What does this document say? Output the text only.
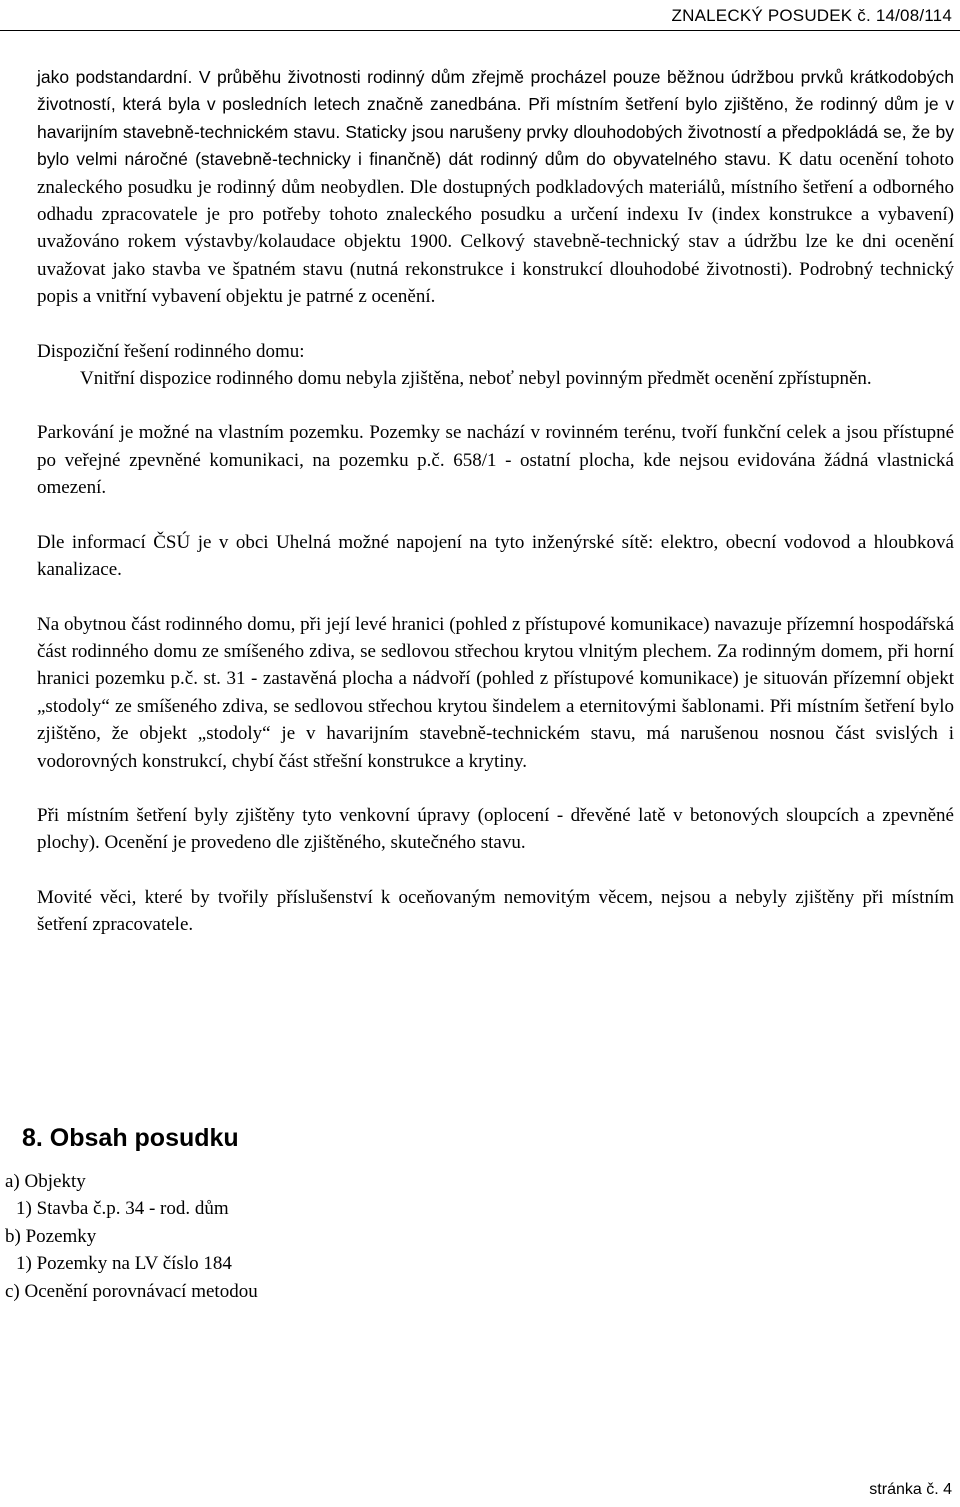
ZNALECKÝ POSUDEK č. 14/08/114

jako podstandardní. V průběhu životnosti rodinný dům zřejmě procházel pouze běžnou údržbou prvků krátkodobých životností, která byla v posledních letech značně zanedbána. Při místním šetření bylo zjištěno, že rodinný dům je v havarijním stavebně-technickém stavu. Staticky jsou narušeny prvky dlouhodobých životností a předpokládá se, že by bylo velmi náročné (stavebně-technicky i finančně) dát rodinný dům do obyvatelného stavu. K datu ocenění tohoto znaleckého posudku je rodinný dům neobydlen. Dle dostupných podkladových materiálů, místního šetření a odborného odhadu zpracovatele je pro potřeby tohoto znaleckého posudku a určení indexu Iv (index konstrukce a vybavení) uvažováno rokem výstavby/kolaudace objektu 1900. Celkový stavebně-technický stav a údržbu lze ke dni ocenění uvažovat jako stavba ve špatném stavu (nutná rekonstrukce i konstrukcí dlouhodobé životnosti). Podrobný technický popis a vnitřní vybavení objektu je patrné z ocenění.

Dispoziční řešení rodinného domu:

Vnitřní dispozice rodinného domu nebyla zjištěna, neboť nebyl povinným předmět ocenění zpřístupněn.

Parkování je možné na vlastním pozemku. Pozemky se nachází v rovinném terénu, tvoří funkční celek a jsou přístupné po veřejné zpevněné komunikaci, na pozemku p.č. 658/1 - ostatní plocha, kde nejsou evidována žádná vlastnická omezení.

Dle informací ČSÚ je v obci Uhelná možné napojení na tyto inženýrské sítě: elektro, obecní vodovod a hloubková kanalizace.

Na obytnou část rodinného domu, při její levé hranici (pohled z přístupové komunikace) navazuje přízemní hospodářská část rodinného domu ze smíšeného zdiva, se sedlovou střechou krytou vlnitým plechem. Za rodinným domem, při horní hranici pozemku p.č. st. 31 - zastavěná plocha a nádvoří (pohled z přístupové komunikace) je situován přízemní objekt „stodoly“ ze smíšeného zdiva, se sedlovou střechou krytou šindelem a eternitovými šablonami. Při místním šetření bylo zjištěno, že objekt „stodoly“ je v havarijním stavebně-technickém stavu, má narušenou nosnou část svislých i vodorovných konstrukcí, chybí část střešní konstrukce a krytiny.

Při místním šetření byly zjištěny tyto venkovní úpravy (oplocení - dřevěné latě v betonových sloupcích a zpevněné plochy). Ocenění je provedeno dle zjištěného, skutečného stavu.

Movité věci, které by tvořily příslušenství k oceňovaným nemovitým věcem, nejsou a nebyly zjištěny při místním šetření zpracovatele.

8. Obsah posudku
a) Objekty
1) Stavba č.p. 34 - rod. dům
b) Pozemky
1) Pozemky na LV číslo 184
c) Ocenění porovnávací metodou
stránka č. 4
